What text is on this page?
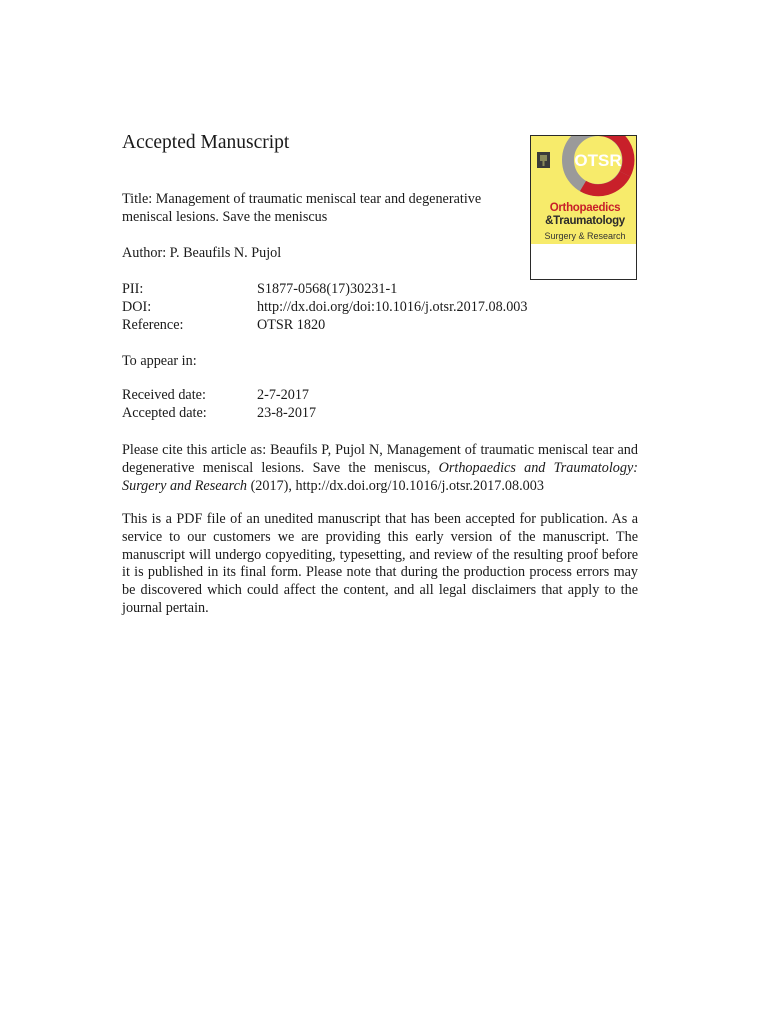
Accepted Manuscript
OTSR
Orthopaedics
&Traumatology
Surgery & Research
Title: Management of traumatic meniscal tear and degenerative meniscal lesions. Save the meniscus
Author: P. Beaufils N. Pujol
PII:	S1877-0568(17)30231-1
DOI:	http://dx.doi.org/doi:10.1016/j.otsr.2017.08.003
Reference:	OTSR 1820
To appear in:
Received date:	2-7-2017
Accepted date:	23-8-2017
Please cite this article as: Beaufils P, Pujol N, Management of traumatic meniscal tear and degenerative meniscal lesions. Save the meniscus, Orthopaedics and Traumatology: Surgery and Research (2017), http://dx.doi.org/10.1016/j.otsr.2017.08.003
This is a PDF file of an unedited manuscript that has been accepted for publication. As a service to our customers we are providing this early version of the manuscript. The manuscript will undergo copyediting, typesetting, and review of the resulting proof before it is published in its final form. Please note that during the production process errors may be discovered which could affect the content, and all legal disclaimers that apply to the journal pertain.
